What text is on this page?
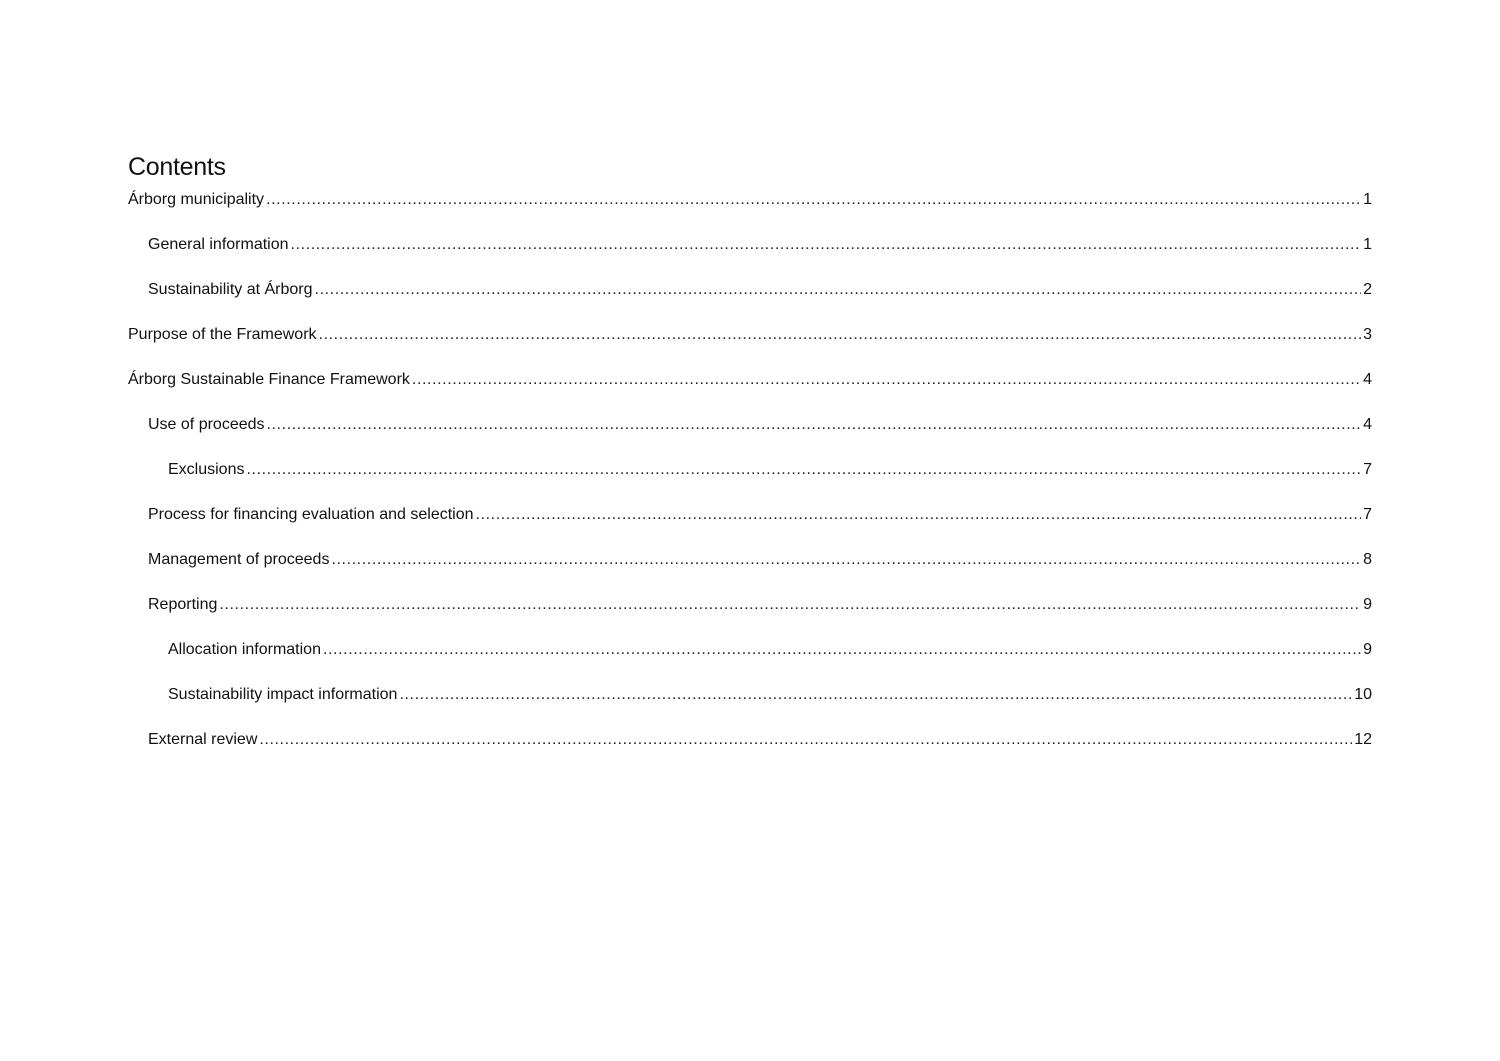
Contents
Árborg municipality .....	1
General information .....	1
Sustainability at Árborg .....	2
Purpose of the Framework .....	3
Árborg Sustainable Finance Framework .....	4
Use of proceeds .....	4
Exclusions .....	7
Process for financing evaluation and selection .....	7
Management of proceeds .....	8
Reporting .....	9
Allocation information .....	9
Sustainability impact information .....	10
External review .....	12
